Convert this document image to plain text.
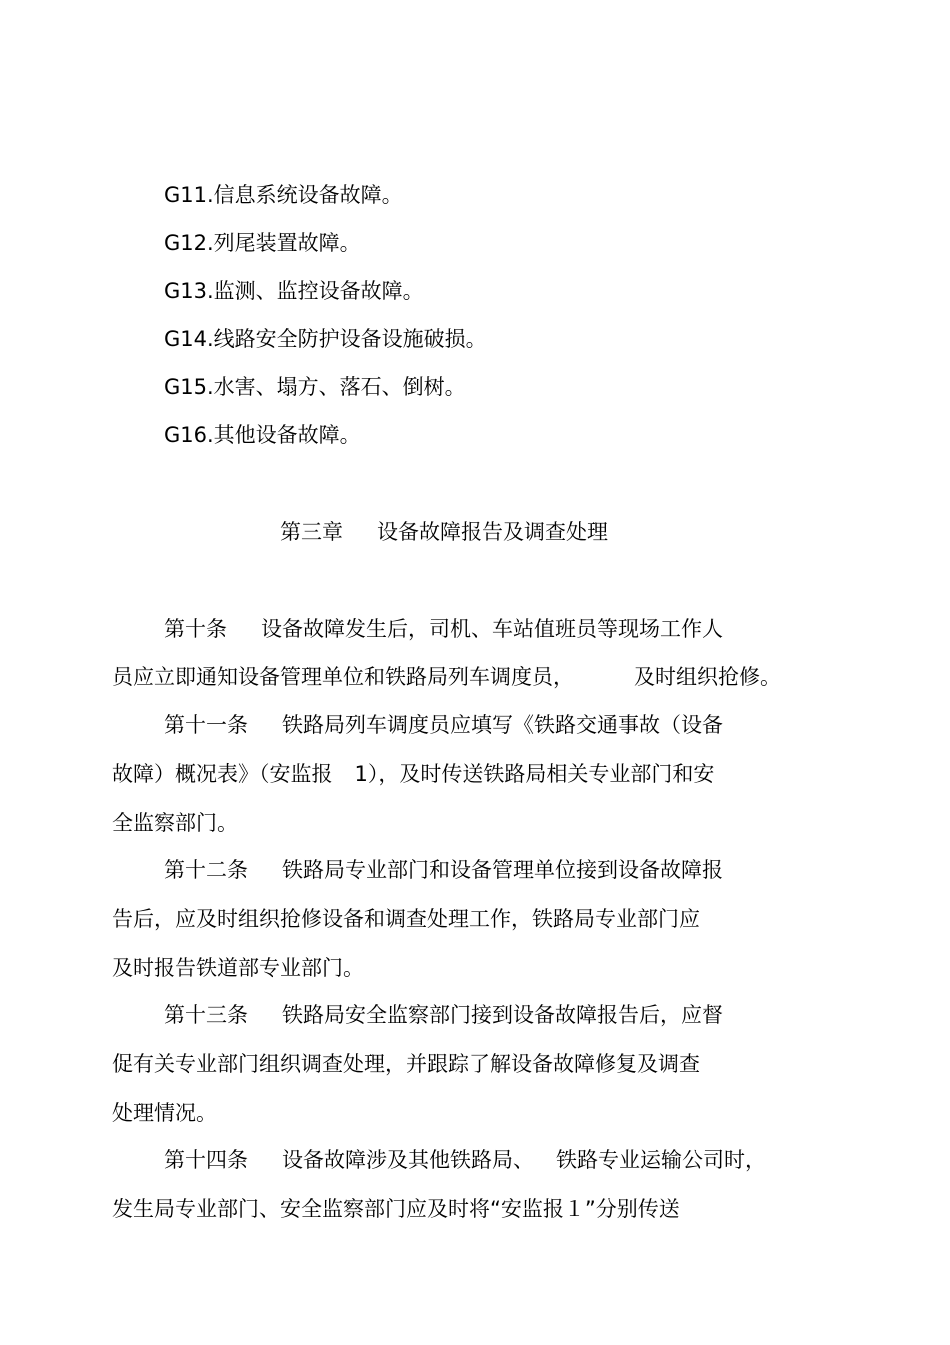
G11.信息系统设备故障。
G12.列尾装置故障。
G13.监测、监控设备故障。
G14.线路安全防护设备设施破损。
G15.水害、塌方、落石、倒树。
G16.其他设备故障。
第三章 设备故障报告及调查处理
第十条 设备故障发生后，司机、车站值班员等现场工作人
员应立即通知设备管理单位和铁路局列车调度员，	及时组织抢修。
第十一条 铁路局列车调度员应填写《铁路交通事故（设备
故障）概况表》（安监报 1），及时传送铁路局相关专业部门和安
全监察部门。
第十二条 铁路局专业部门和设备管理单位接到设备故障报
告后，应及时组织抢修设备和调查处理工作，铁路局专业部门应
及时报告铁道部专业部门。
第十三条 铁路局安全监察部门接到设备故障报告后，应督
促有关专业部门组织调查处理，并跟踪了解设备故障修复及调查
处理情况。
第十四条 设备故障涉及其他铁路局、 铁路专业运输公司时，
发生局专业部门、安全监察部门应及时将“安监报１”分别传送
